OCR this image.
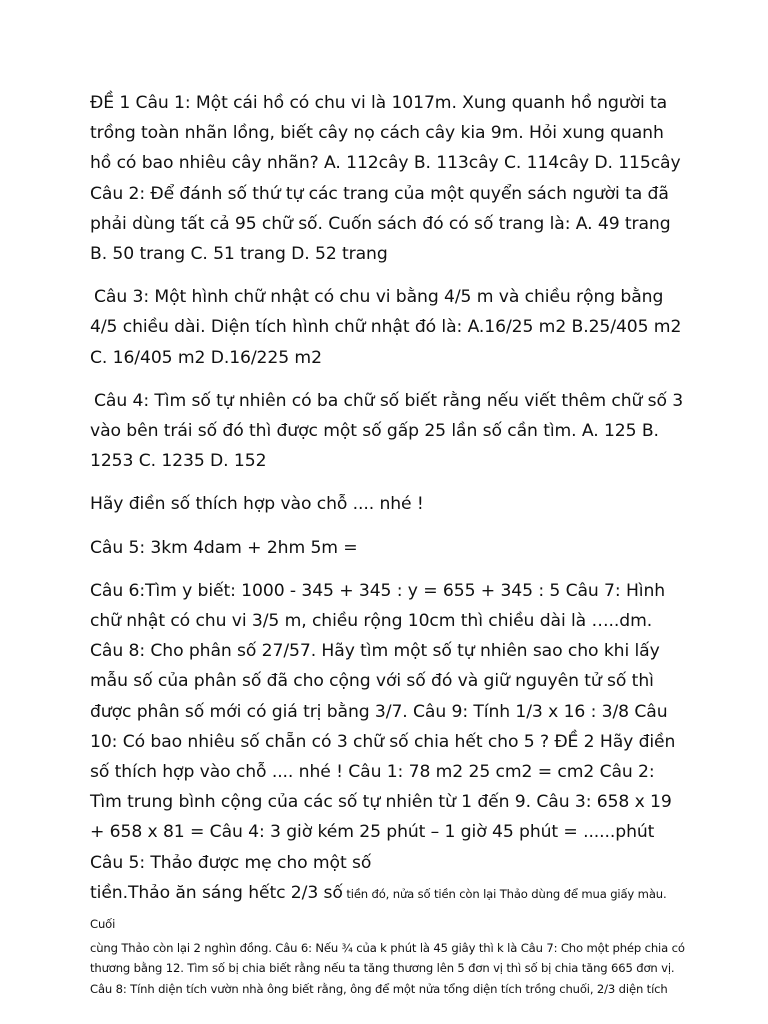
ĐỀ 1 Câu 1: Một cái hồ có chu vi là 1017m. Xung quanh hồ người ta trồng toàn nhãn lồng, biết cây nọ cách cây kia 9m. Hỏi xung quanh hồ có bao nhiêu cây nhãn? A. 112cây B. 113cây C. 114cây D. 115cây Câu 2: Để đánh số thứ tự các trang của một quyển sách người ta đã phải dùng tất cả 95 chữ số. Cuốn sách đó có số trang là: A. 49 trang B. 50 trang C. 51 trang D. 52 trang

Câu 3: Một hình chữ nhật có chu vi bằng 4/5 m và chiều rộng bằng 4/5 chiều dài. Diện tích hình chữ nhật đó là: A.16/25 m2 B.25/405 m2 C. 16/405 m2 D.16/225 m2

Câu 4: Tìm số tự nhiên có ba chữ số biết rằng nếu viết thêm chữ số 3 vào bên trái số đó thì được một số gấp 25 lần số cần tìm. A. 125 B. 1253 C. 1235 D. 152

Hãy điền số thích hợp vào chỗ .... nhé !

Câu 5: 3km 4dam + 2hm 5m =

Câu 6:Tìm y biết: 1000 - 345 + 345 : y = 655 + 345 : 5 Câu 7: Hình chữ nhật có chu vi 3/5 m, chiều rộng 10cm thì chiều dài là …..dm. Câu 8: Cho phân số 27/57. Hãy tìm một số tự nhiên sao cho khi lấy mẫu số của phân số đã cho cộng với số đó và giữ nguyên tử số thì được phân số mới có giá trị bằng 3/7. Câu 9: Tính 1/3 x 16 : 3/8 Câu 10: Có bao nhiêu số chẵn có 3 chữ số chia hết cho 5 ? ĐỀ 2 Hãy điền số thích hợp vào chỗ .... nhé ! Câu 1: 78 m2 25 cm2 = cm2 Câu 2: Tìm trung bình cộng của các số tự nhiên từ 1 đến 9. Câu 3: 658 x 19 + 658 x 81 = Câu 4: 3 giờ kém 25 phút – 1 giờ 45 phút = ......phút Câu 5: Thảo được mẹ cho một số

tiền.Thảo ăn sáng hếtc 2/3 số tiền đó, nửa số tiền còn lại Thảo dùng để mua giấy màu. Cuối

cùng Thảo còn lại 2 nghìn đồng. Câu 6: Nếu ¾ của k phút là 45 giây thì k là Câu 7: Cho một phép chia có

thương bằng 12. Tìm số bị chia biết rằng nếu ta tăng thương lên 5 đơn vị thì số bị chia tăng 665 đơn vị.

Câu 8: Tính diện tích vườn nhà ông biết rằng, ông để một nửa tổng diện tích trồng chuối, 2/3 diện tích
